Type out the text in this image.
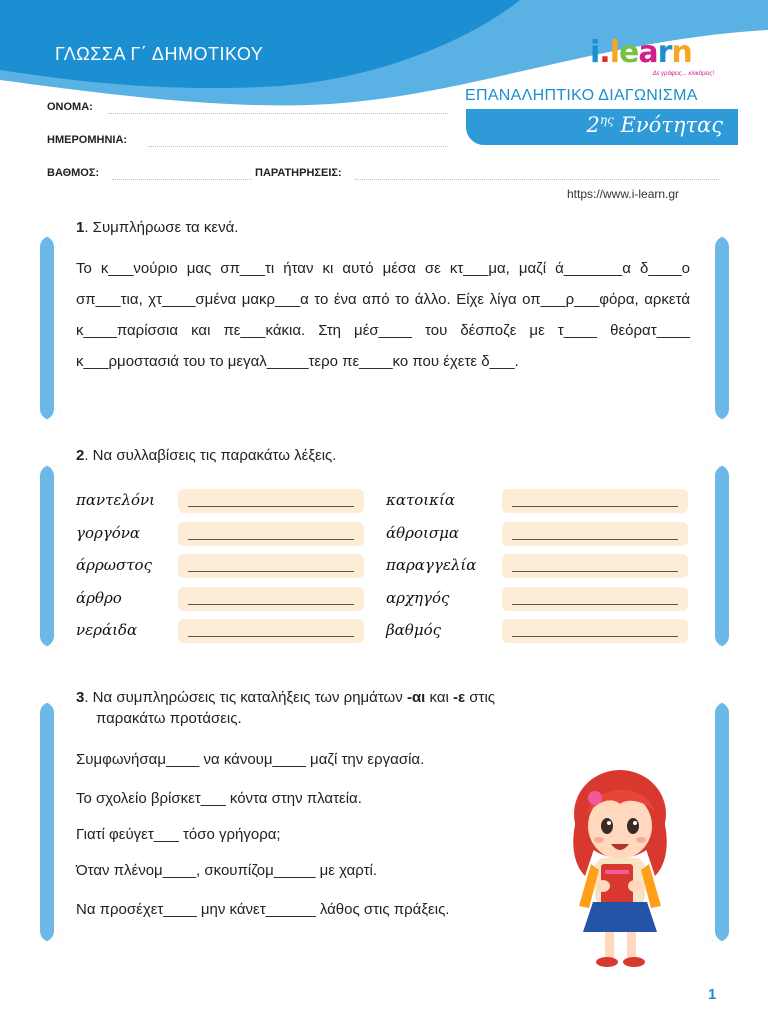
ΓΛΩΣΣΑ Γ΄ ΔΗΜΟΤΙΚΟΥ	i.learn
Δε γράφεις... κλικάρεις!
ΕΠΑΝΑΛΗΠΤΙΚΟ ΔΙΑΓΩΝΙΣΜΑ
$2^{\eta\varsigma}$ Ενότητας
ΟΝΟΜΑ:
ΗΜΕΡΟΜΗΝΙΑ:
ΒΑΘΜΟΣ:	ΠΑΡΑΤΗΡΗΣΕΙΣ:
https://www.i-learn.gr
1. Συμπλήρωσε τα κενά.
Το κ___νούριο μας σπ___τι ήταν κι αυτό μέσα σε κτ___μα, μαζί ά_______α δ____ο σπ___τια, χτ____σμένα μακρ___α το ένα από το άλλο. Είχε λίγα οπ___ρ___φόρα, αρκετά κ____παρίσσια και πε___κάκια. Στη μέσ____ του δέσποζε με τ____ θεόρατ____ κ___ρμοστασιά του το μεγαλ_____τερο πε____κο που έχετε δ___.
2. Να συλλαβίσεις τις παρακάτω λέξεις.
παντελόνι
γοργόνα
άρρωστος
άρθρο
νεράιδα
κατοικία
άθροισμα
παραγγελία
αρχηγός
βαθμός
3. Να συμπληρώσεις τις καταλήξεις των ρημάτων -αι και -ε στις
παρακάτω προτάσεις.
Συμφωνήσαμ____ να κάνουμ____ μαζί την εργασία.
Το σχολείο βρίσκετ___ κόντα στην πλατεία.
Γιατί φεύγετ___ τόσο γρήγορα;
Όταν πλένομ____, σκουπίζομ_____ με χαρτί.
Να προσέχετ____ μην κάνετ______ λάθος στις πράξεις.
1
